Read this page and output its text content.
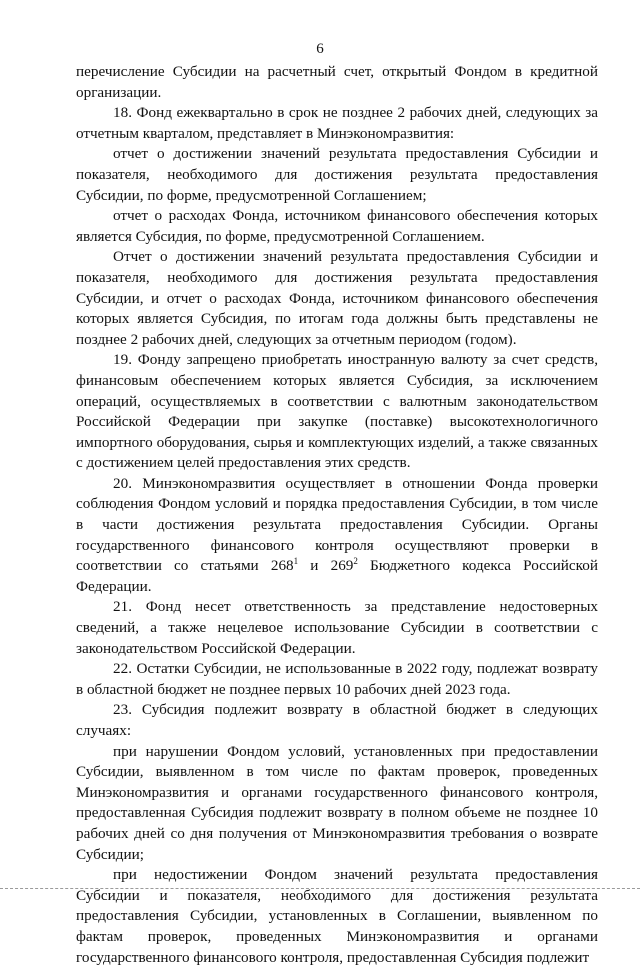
6

перечисление Субсидии на расчетный счет, открытый Фондом в кредитной организации.

18. Фонд ежеквартально в срок не позднее 2 рабочих дней, следующих за отчетным кварталом, представляет в Минэкономразвития:

отчет о достижении значений результата предоставления Субсидии и показателя, необходимого для достижения результата предоставления Субсидии, по форме, предусмотренной Соглашением;

отчет о расходах Фонда, источником финансового обеспечения которых является Субсидия, по форме, предусмотренной Соглашением.

Отчет о достижении значений результата предоставления Субсидии и показателя, необходимого для достижения результата предоставления Субсидии, и отчет о расходах Фонда, источником финансового обеспечения которых является Субсидия, по итогам года должны быть представлены не позднее 2 рабочих дней, следующих за отчетным периодом (годом).

19. Фонду запрещено приобретать иностранную валюту за счет средств, финансовым обеспечением которых является Субсидия, за исключением операций, осуществляемых в соответствии с валютным законодательством Российской Федерации при закупке (поставке) высокотехнологичного импортного оборудования, сырья и комплектующих изделий, а также связанных с достижением целей предоставления этих средств.

20. Минэкономразвития осуществляет в отношении Фонда проверки соблюдения Фондом условий и порядка предоставления Субсидии, в том числе в части достижения результата предоставления Субсидии. Органы государственного финансового контроля осуществляют проверки в соответствии со статьями $268^1$ и $269^2$ Бюджетного кодекса Российской Федерации.

21. Фонд несет ответственность за представление недостоверных сведений, а также нецелевое использование Субсидии в соответствии с законодательством Российской Федерации.

22. Остатки Субсидии, не использованные в 2022 году, подлежат возврату в областной бюджет не позднее первых 10 рабочих дней 2023 года.

23. Субсидия подлежит возврату в областной бюджет в следующих случаях:

при нарушении Фондом условий, установленных при предоставлении Субсидии, выявленном в том числе по фактам проверок, проведенных Минэкономразвития и органами государственного финансового контроля, предоставленная Субсидия подлежит возврату в полном объеме не позднее 10 рабочих дней со дня получения от Минэкономразвития требования о возврате Субсидии;

при недостижении Фондом значений результата предоставления Субсидии и показателя, необходимого для достижения результата предоставления Субсидии, установленных в Соглашении, выявленном по фактам проверок, проведенных Минэкономразвития и органами государственного финансового контроля, предоставленная Субсидия подлежит
